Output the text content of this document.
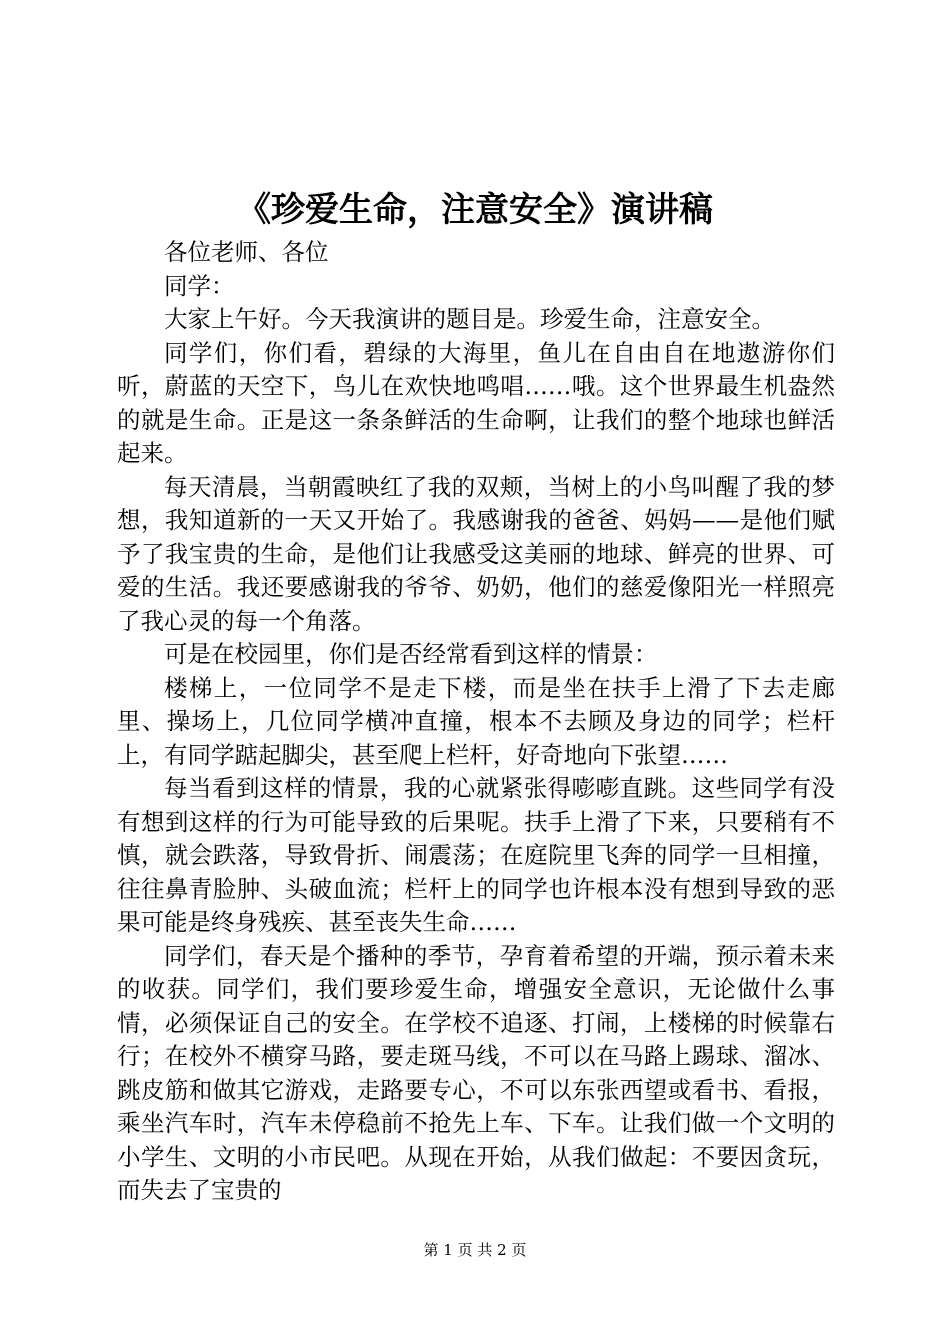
《珍爱生命，注意安全》演讲稿

各位老师、各位

同学：

大家上午好。今天我演讲的题目是。珍爱生命，注意安全。

同学们，你们看，碧绿的大海里，鱼儿在自由自在地遨游你们听，蔚蓝的天空下，鸟儿在欢快地鸣唱……哦。这个世界最生机盎然的就是生命。正是这一条条鲜活的生命啊，让我们的整个地球也鲜活起来。

每天清晨，当朝霞映红了我的双颊，当树上的小鸟叫醒了我的梦想，我知道新的一天又开始了。我感谢我的爸爸、妈妈——是他们赋予了我宝贵的生命，是他们让我感受这美丽的地球、鲜亮的世界、可爱的生活。我还要感谢我的爷爷、奶奶，他们的慈爱像阳光一样照亮了我心灵的每一个角落。

可是在校园里，你们是否经常看到这样的情景：

楼梯上，一位同学不是走下楼，而是坐在扶手上滑了下去走廊里、操场上，几位同学横冲直撞，根本不去顾及身边的同学；栏杆上，有同学踮起脚尖，甚至爬上栏杆，好奇地向下张望……

每当看到这样的情景，我的心就紧张得嘭嘭直跳。这些同学有没有想到这样的行为可能导致的后果呢。扶手上滑了下来，只要稍有不慎，就会跌落，导致骨折、闹震荡；在庭院里飞奔的同学一旦相撞，往往鼻青脸肿、头破血流；栏杆上的同学也许根本没有想到导致的恶果可能是终身残疾、甚至丧失生命……

同学们，春天是个播种的季节，孕育着希望的开端，预示着未来的收获。同学们，我们要珍爱生命，增强安全意识，无论做什么事情，必须保证自己的安全。在学校不追逐、打闹，上楼梯的时候靠右行；在校外不横穿马路，要走斑马线，不可以在马路上踢球、溜冰、跳皮筋和做其它游戏，走路要专心，不可以东张西望或看书、看报，乘坐汽车时，汽车未停稳前不抢先上车、下车。让我们做一个文明的小学生、文明的小市民吧。从现在开始，从我们做起：不要因贪玩，而失去了宝贵的

第 1 页 共 2 页
